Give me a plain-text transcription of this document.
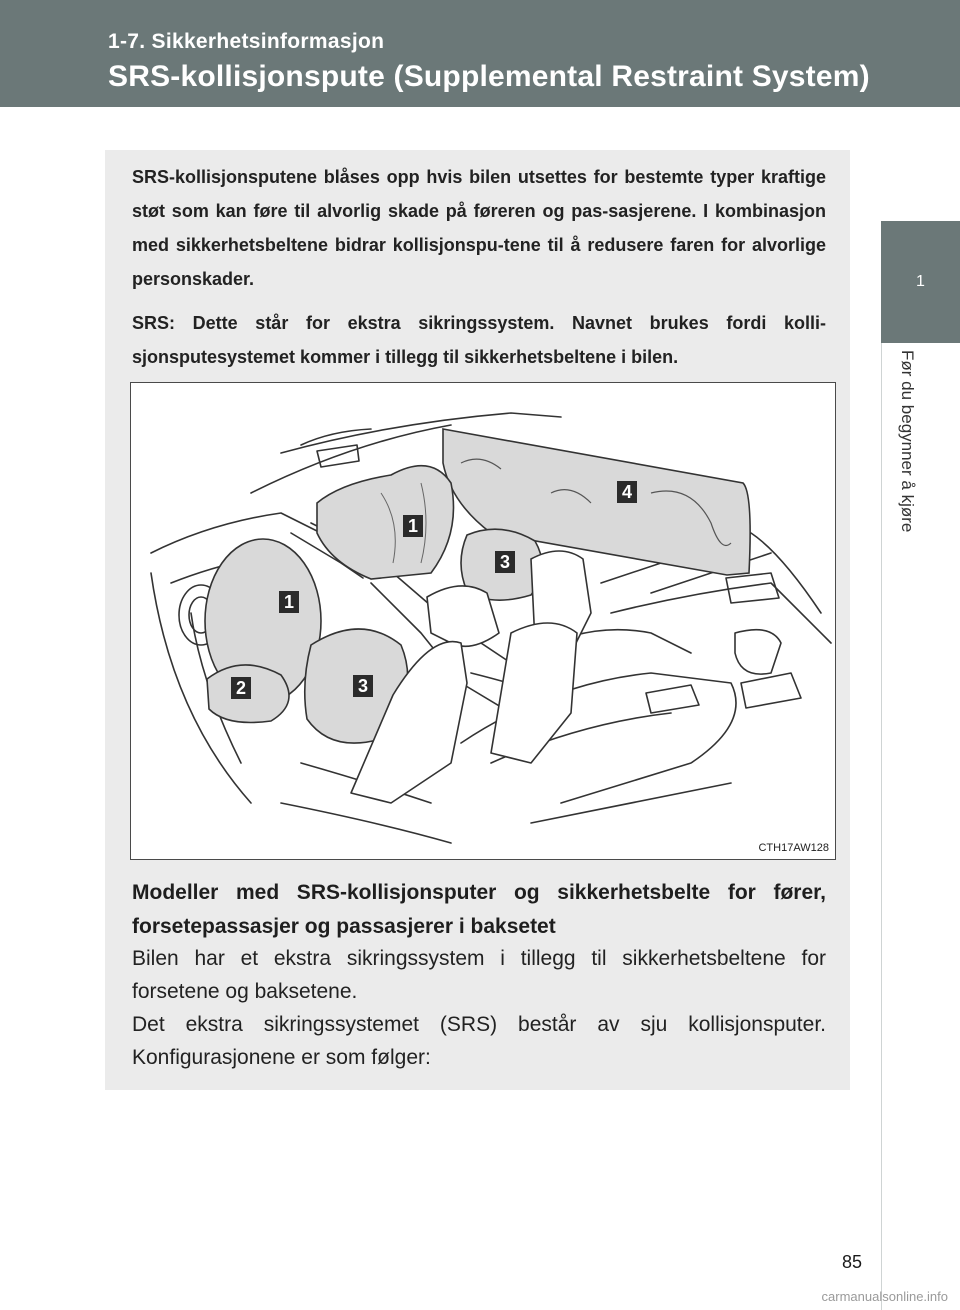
1-7. Sikkerhetsinformasjon
SRS-kollisjonspute (Supplemental Restraint System)
1
Før du begynner å kjøre

SRS-kollisjonsputene blåses opp hvis bilen utsettes for bestemte typer kraftige støt som kan føre til alvorlig skade på føreren og pas-sasjerene. I kombinasjon med sikkerhetsbeltene bidrar kollisjonspu-tene til å redusere faren for alvorlige personskader.

SRS: Dette står for ekstra sikringssystem. Navnet brukes fordi kolli-sjonsputesystemet kommer i tillegg til sikkerhetsbeltene i bilen.

1
1
2	3
3
4
CTH17AW128
Modeller med SRS-kollisjonsputer og sikkerhetsbelte for fører, forsetepassasjer og passasjerer i baksetet

Bilen har et ekstra sikringssystem i tillegg til sikkerhetsbeltene for forsetene og baksetene.

Det ekstra sikringssystemet (SRS) består av sju kollisjonsputer. Konfigurasjonene er som følger:

85
carmanualsonline.info
